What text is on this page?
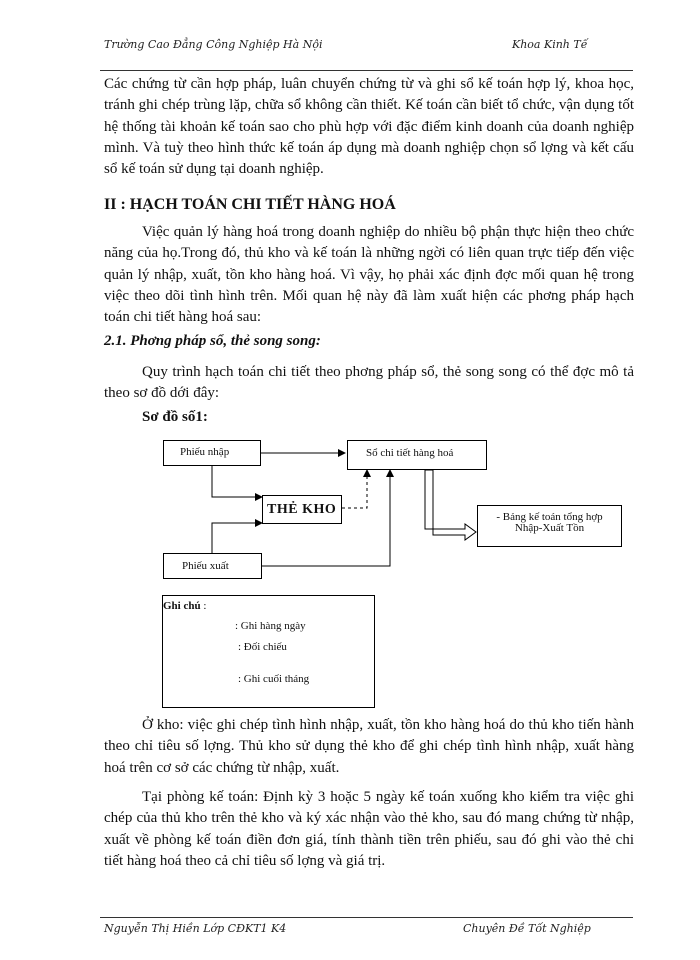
Trường Cao Đẳng Công Nghiệp Hà Nội	Khoa Kinh Tế

Các chứng từ cần hợp pháp, luân chuyển chứng từ và ghi sổ kế toán hợp lý, khoa học, tránh ghi chép trùng lặp, chữa sổ không cần thiết. Kế toán cần biết tổ chức, vận dụng tốt hệ thống tài khoản kế toán sao cho phù hợp với đặc điểm kinh doanh của doanh nghiệp mình. Và tuỳ theo hình thức kế toán áp dụng mà doanh nghiệp chọn sổ lợng và kết cấu sổ kế toán sử dụng tại doanh nghiệp.

II : HẠCH TOÁN CHI TIẾT HÀNG HOÁ

Việc quản lý hàng hoá trong doanh nghiệp do nhiều bộ phận thực hiện theo chức năng của họ.Trong đó, thủ kho và kế toán là những ngời có liên quan trực tiếp đến việc quản lý nhập, xuất, tồn kho hàng hoá. Vì vậy, họ phải xác định đợc mối quan hệ trong việc theo dõi tình hình trên. Mối quan hệ này đã làm xuất hiện các phơng pháp hạch toán chi tiết hàng hoá sau:

2.1. Phơng pháp sổ, thẻ song song:

Quy trình hạch toán chi tiết theo phơng pháp sổ, thẻ song song có thể đợc mô tả theo sơ đồ dới đây:

Sơ đồ số1:
Phiếu nhập	Sổ chi tiết hàng hoá
THẺ KHO	- Bảng kế toán tổng hợp
Nhập-Xuất Tồn
Phiếu xuất
Ghi chú :
: Ghi hàng ngày
: Đối chiếu
: Ghi cuối tháng

Ở kho: việc ghi chép tình hình nhập, xuất, tồn kho hàng hoá do thủ kho tiến hành theo chỉ tiêu số lợng. Thủ kho sử dụng thẻ kho để ghi chép tình hình nhập, xuất hàng hoá trên cơ sở các chứng từ nhập, xuất.

Tại phòng kế toán: Định kỳ 3 hoặc 5 ngày kế toán xuống kho kiểm tra việc ghi chép của thủ kho trên thẻ kho và ký xác nhận vào thẻ kho, sau đó mang chứng từ nhập, xuất về phòng kế toán điền đơn giá, tính thành tiền trên phiếu, sau đó ghi vào thẻ chi tiết hàng hoá theo cả chỉ tiêu số lợng và giá trị.

Nguyễn Thị Hiền Lớp CĐKT1 K4	Chuyên Đề Tốt Nghiệp
